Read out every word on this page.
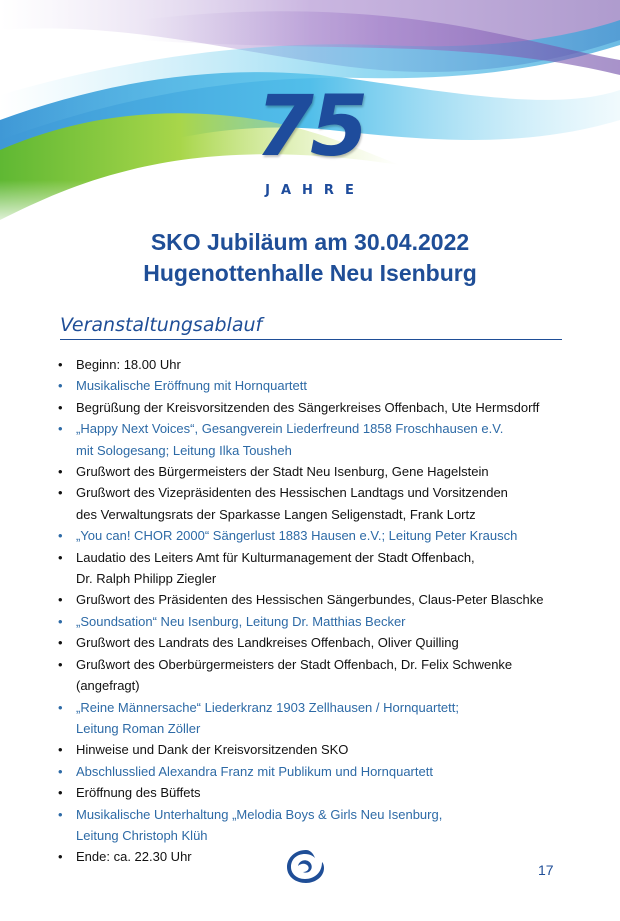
75
JAHRE
SKO Jubiläum am 30.04.2022
Hugenottenhalle Neu Isenburg
Veranstaltungsablauf
• Beginn: 18.00 Uhr
• Musikalische Eröffnung mit Hornquartett
• Begrüßung der Kreisvorsitzenden des Sängerkreises Offenbach, Ute Hermsdorff
• „Happy Next Voices“, Gesangverein Liederfreund 1858 Froschhausen e.V.
mit Sologesang; Leitung Ilka Tousheh
• Grußwort des Bürgermeisters der Stadt Neu Isenburg, Gene Hagelstein
• Grußwort des Vizepräsidenten des Hessischen Landtags und Vorsitzenden
des Verwaltungsrats der Sparkasse Langen Seligenstadt, Frank Lortz
• „You can! CHOR 2000“ Sängerlust 1883 Hausen e.V.; Leitung Peter Krausch
• Laudatio des Leiters Amt für Kulturmanagement der Stadt Offenbach,
Dr. Ralph Philipp Ziegler
• Grußwort des Präsidenten des Hessischen Sängerbundes, Claus-Peter Blaschke
• „Soundsation“ Neu Isenburg, Leitung Dr. Matthias Becker
• Grußwort des Landrats des Landkreises Offenbach, Oliver Quilling
• Grußwort des Oberbürgermeisters der Stadt Offenbach, Dr. Felix Schwenke
(angefragt)
• „Reine Männersache“ Liederkranz 1903 Zellhausen / Hornquartett;
Leitung Roman Zöller
• Hinweise und Dank der Kreisvorsitzenden SKO
• Abschlusslied Alexandra Franz mit Publikum und Hornquartett
• Eröffnung des Büffets
• Musikalische Unterhaltung „Melodia Boys & Girls Neu Isenburg,
Leitung Christoph Klüh
• Ende: ca. 22.30 Uhr
17
